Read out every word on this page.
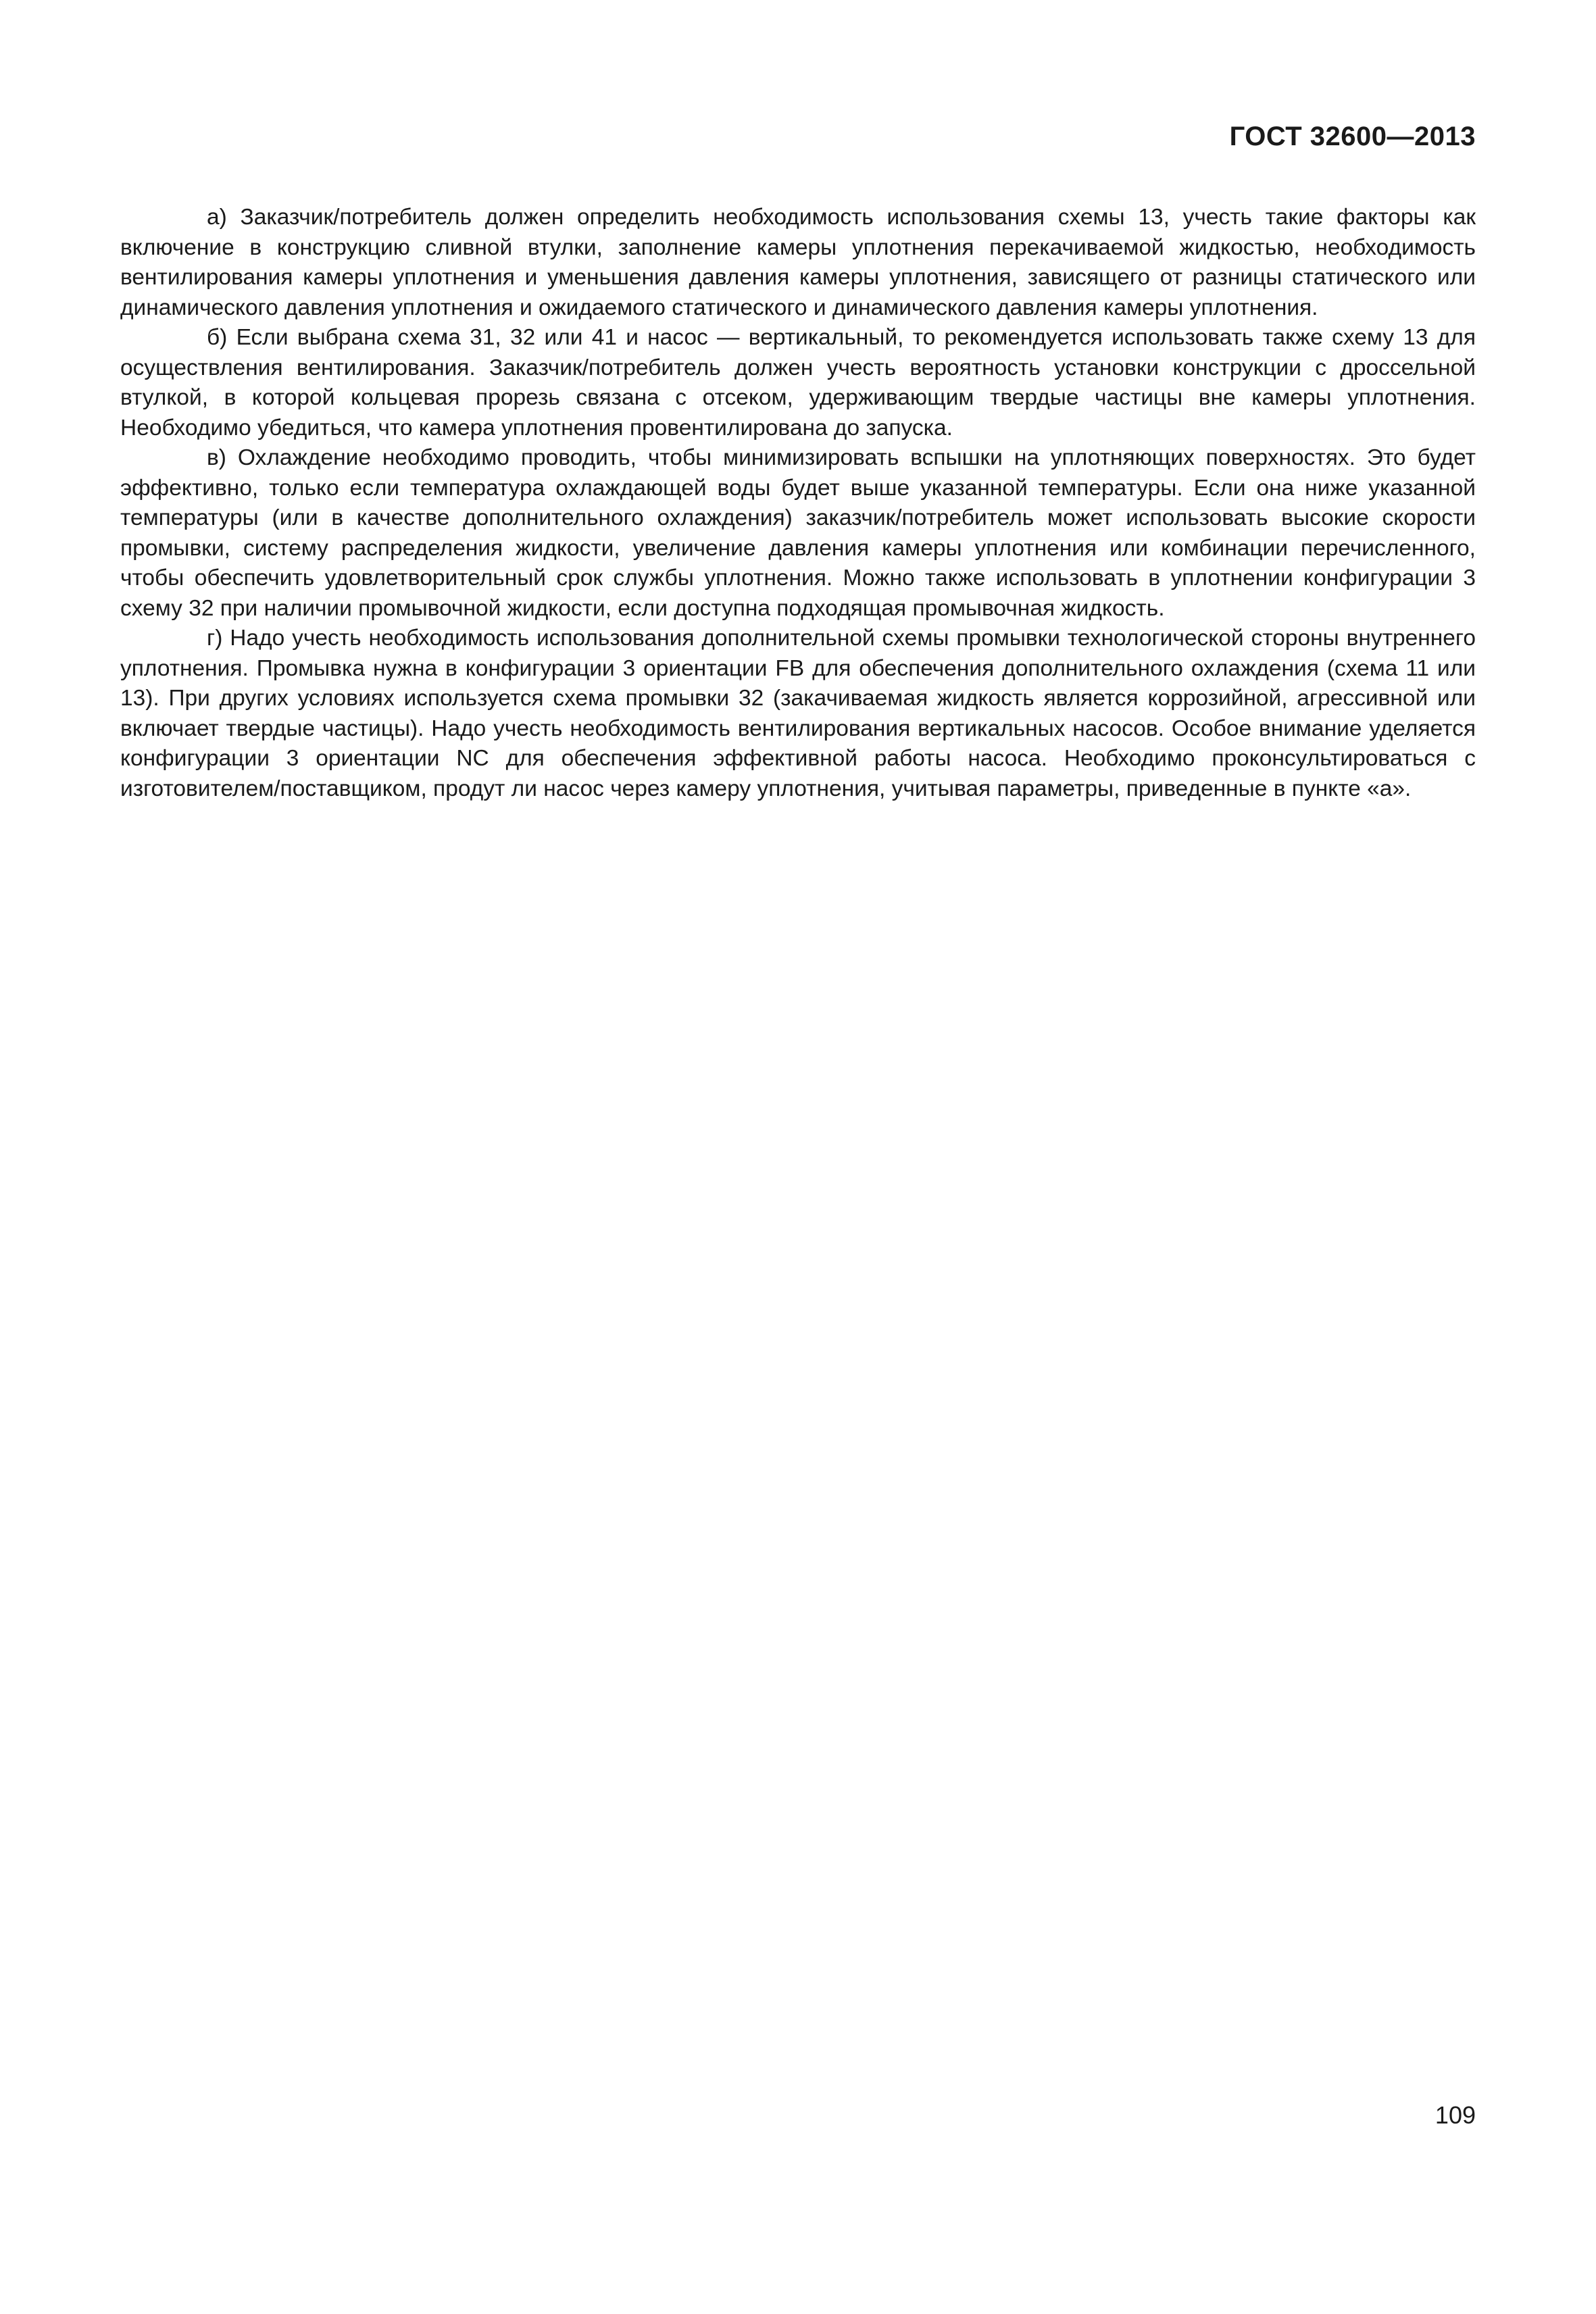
ГОСТ 32600—2013

а) Заказчик/потребитель должен определить необходимость использования схемы 13, учесть такие факторы как включение в конструкцию сливной втулки, заполнение камеры уплотнения перекачиваемой жидкостью, необходимость вентилирования камеры уплотнения и уменьшения давления камеры уплотнения, зависящего от разницы статического или динамического давления уплотнения и ожидаемого статического и динамического давления камеры уплотнения.

б) Если выбрана схема 31, 32 или 41 и насос — вертикальный, то рекомендуется использовать также схему 13 для осуществления вентилирования. Заказчик/потребитель должен учесть вероятность установки конструкции с дроссельной втулкой, в которой кольцевая прорезь связана с отсеком, удерживающим твердые частицы вне камеры уплотнения. Необходимо убедиться, что камера уплотнения провентилирована до запуска.

в) Охлаждение необходимо проводить, чтобы минимизировать вспышки на уплотняющих поверхностях. Это будет эффективно, только если температура охлаждающей воды будет выше указанной температуры. Если она ниже указанной температуры (или в качестве дополнительного охлаждения) заказчик/потребитель может использовать высокие скорости промывки, систему распределения жидкости, увеличение давления камеры уплотнения или комбинации перечисленного, чтобы обеспечить удовлетворительный срок службы уплотнения. Можно также использовать в уплотнении конфигурации 3 схему 32 при наличии промывочной жидкости, если доступна подходящая промывочная жидкость.

г) Надо учесть необходимость использования дополнительной схемы промывки технологической стороны внутреннего уплотнения. Промывка нужна в конфигурации 3 ориентации FB для обеспечения дополнительного охлаждения (схема 11 или 13). При других условиях используется схема промывки 32 (закачиваемая жидкость является коррозийной, агрессивной или включает твердые частицы). Надо учесть необходимость вентилирования вертикальных насосов. Особое внимание уделяется конфигурации 3 ориентации NC для обеспечения эффективной работы насоса. Необходимо проконсультироваться с изготовителем/поставщиком, продут ли насос через камеру уплотнения, учитывая параметры, приведенные в пункте «а».

109
